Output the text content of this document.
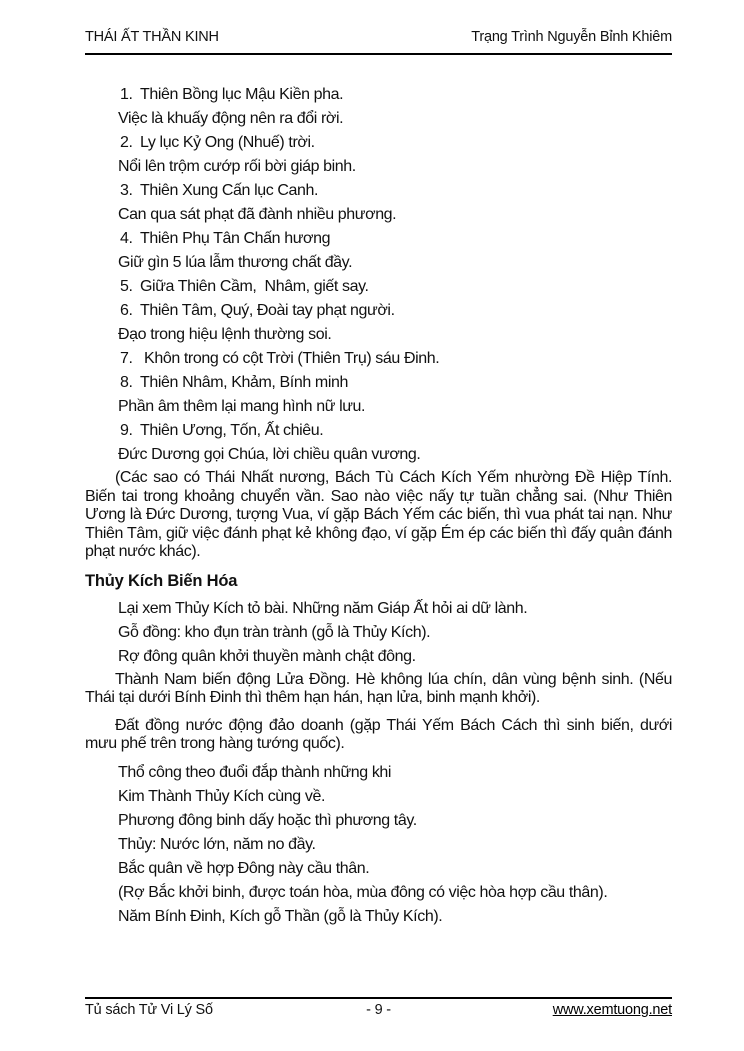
THÁI ẤT THẦN KINH	Trạng Trình Nguyễn Bỉnh Khiêm
1. Thiên Bồng lục Mậu Kiền pha.
Việc là khuấy động nên ra đổi rời.
2. Ly lục Kỷ Ong (Nhuế) trời.
Nổi lên trộm cướp rối bời giáp binh.
3. Thiên Xung Cấn lục Canh.
Can qua sát phạt đã đành nhiều phương.
4. Thiên Phụ Tân Chấn hương
Giữ gìn 5 lúa lẫm thương chất đầy.
5. Giữa Thiên Cầm,  Nhâm, giết say.
6. Thiên Tâm, Quý, Đoài tay phạt người.
Đạo trong hiệu lệnh thường soi.
7. Khôn trong có cột Trời (Thiên Trụ) sáu Đinh.
8. Thiên Nhâm, Khảm, Bính minh
Phần âm thêm lại mang hình nữ lưu.
9. Thiên Ương, Tốn, Ất chiêu.
Đức Dương gọi Chúa, lời chiều quân vương.
(Các sao có Thái Nhất nương, Bách Tù Cách Kích Yếm nhường Đề Hiệp Tính. Biến tai trong khoảng chuyển vần. Sao nào việc nấy tự tuần chẳng sai. (Như Thiên Ương là Đức Dương, tượng Vua, ví gặp Bách Yếm các biến, thì vua phát tai nạn. Như Thiên Tâm, giữ việc đánh phạt kẻ không đạo, ví gặp Ém ép các biến thì đấy quân đánh phạt nước khác).
Thủy Kích Biến Hóa
Lại xem Thủy Kích tỏ bài. Những năm Giáp Ất hỏi ai dữ lành.
Gỗ đồng: kho đụn tràn trành (gỗ là Thủy Kích).
Rợ đông quân khởi thuyền mành chật đông.
Thành Nam biến động Lửa Đồng. Hè không lúa chín, dân vùng bệnh sinh. (Nếu Thái tại dưới Bính Đinh thì thêm hạn hán, hạn lửa, binh mạnh khởi).
Đất đồng nước động đảo doanh (gặp Thái Yếm Bách Cách thì sinh biến, dưới mưu phế trên trong hàng tướng quốc).
Thổ công theo đuổi đắp thành những khi
Kim Thành Thủy Kích cùng về.
Phương đông binh dấy hoặc thì phương tây.
Thủy: Nước lớn, năm no đầy.
Bắc quân về hợp Đông này cầu thân.
(Rợ Bắc khởi binh, được toán hòa, mùa đông có việc hòa hợp cầu thân).
Năm Bính Đinh, Kích gỗ Thần (gỗ là Thủy Kích).
Tủ sách Tử Vi Lý Số	www.xemtuong.net
- 9 -
